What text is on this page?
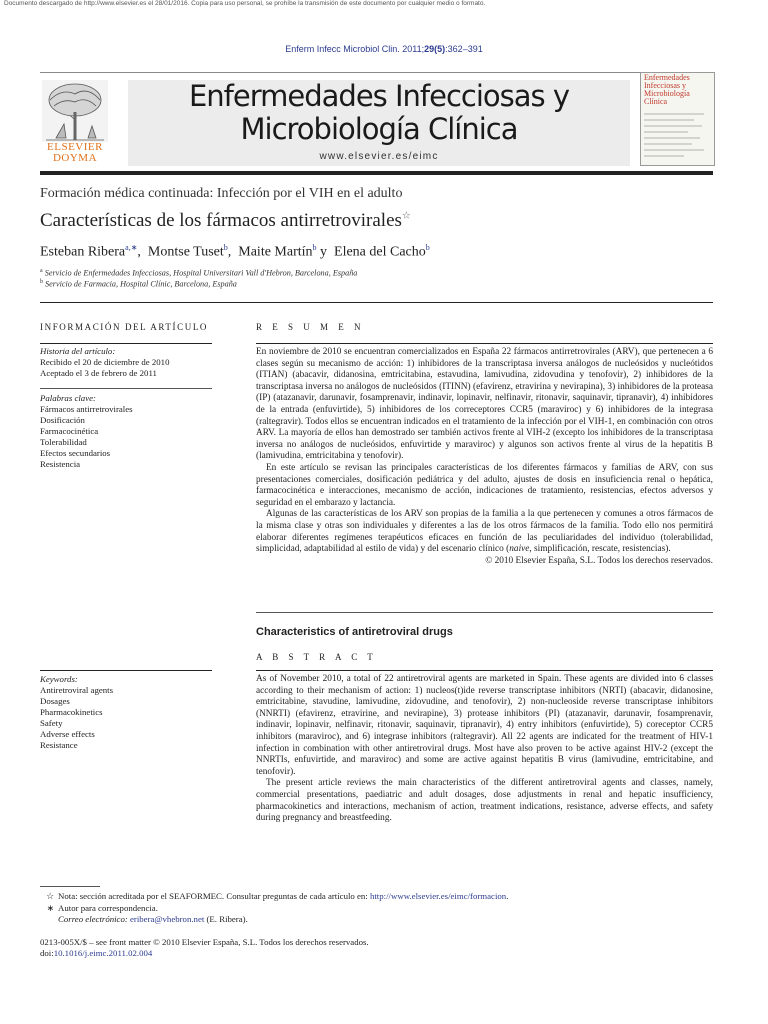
Documento descargado de http://www.elsevier.es el 28/01/2016. Copia para uso personal, se prohíbe la transmisión de este documento por cualquier medio o formato.
Enferm Infecc Microbiol Clin. 2011;29(5):362–391
ELSEVIER
DOYMA
Enfermedades Infecciosas y
Microbiología Clínica
www.elsevier.es/eimc
Enfermedades Infecciosas y Microbiología Clínica
Formación médica continuada: Infección por el VIH en el adulto
Características de los fármacos antirretrovirales☆
Esteban Ribera$^{a,∗}$, Montse Tuset$^b$, Maite Martín$^b$ y Elena del Cacho$^b$
$^a$ Servicio de Enfermedades Infecciosas, Hospital Universitari Vall d'Hebron, Barcelona, España
$^b$ Servicio de Farmacia, Hospital Clínic, Barcelona, España
INFORMACIÓN DEL ARTÍCULO
Historia del artículo:
Recibido el 20 de diciembre de 2010
Aceptado el 3 de febrero de 2011
Palabras clave:
Fármacos antirretrovirales
Dosificación
Farmacocinética
Tolerabilidad
Efectos secundarios
Resistencia
R E S U M E N

En noviembre de 2010 se encuentran comercializados en España 22 fármacos antirretrovirales (ARV), que pertenecen a 6 clases según su mecanismo de acción: 1) inhibidores de la transcriptasa inversa análogos de nucleósidos y nucleótidos (ITIAN) (abacavir, didanosina, emtricitabina, estavudina, lamivudina, zidovudina y tenofovir), 2) inhibidores de la transcriptasa inversa no análogos de nucleósidos (ITINN) (efavirenz, etravirina y nevirapina), 3) inhibidores de la proteasa (IP) (atazanavir, darunavir, fosamprenavir, indinavir, lopinavir, nelfinavir, ritonavir, saquinavir, tipranavir), 4) inhibidores de la entrada (enfuvirtide), 5) inhibidores de los correceptores CCR5 (maraviroc) y 6) inhibidores de la integrasa (raltegravir). Todos ellos se encuentran indicados en el tratamiento de la infección por el VIH-1, en combinación con otros ARV. La mayoría de ellos han demostrado ser también activos frente al VIH-2 (excepto los inhibidores de la transcriptasa inversa no análogos de nucleósidos, enfuvirtide y maraviroc) y algunos son activos frente al virus de la hepatitis B (lamivudina, emtricitabina y tenofovir).

En este artículo se revisan las principales características de los diferentes fármacos y familias de ARV, con sus presentaciones comerciales, dosificación pediátrica y del adulto, ajustes de dosis en insuficiencia renal o hepática, farmacocinética e interacciones, mecanismo de acción, indicaciones de tratamiento, resistencias, efectos adversos y seguridad en el embarazo y lactancia.

Algunas de las características de los ARV son propias de la familia a la que pertenecen y comunes a otros fármacos de la misma clase y otras son individuales y diferentes a las de los otros fármacos de la familia. Todo ello nos permitirá elaborar diferentes regímenes terapéuticos eficaces en función de las peculiaridades del individuo (tolerabilidad, simplicidad, adaptabilidad al estilo de vida) y del escenario clínico (naive, simplificación, rescate, resistencias).

© 2010 Elsevier España, S.L. Todos los derechos reservados.
Characteristics of antiretroviral drugs
A B S T R A C T
Keywords:
Antiretroviral agents
Dosages
Pharmacokinetics
Safety
Adverse effects
Resistance

As of November 2010, a total of 22 antiretroviral agents are marketed in Spain. These agents are divided into 6 classes according to their mechanism of action: 1) nucleos(t)ide reverse transcriptase inhibitors (NRTI) (abacavir, didanosine, emtricitabine, stavudine, lamivudine, zidovudine, and tenofovir), 2) non-nucleoside reverse transcriptase inhibitors (NNRTI) (efavirenz, etravirine, and nevirapine), 3) protease inhibitors (PI) (atazanavir, darunavir, fosamprenavir, indinavir, lopinavir, nelfinavir, ritonavir, saquinavir, tipranavir), 4) entry inhibitors (enfuvirtide), 5) coreceptor CCR5 inhibitors (maraviroc), and 6) integrase inhibitors (raltegravir). All 22 agents are indicated for the treatment of HIV-1 infection in combination with other antiretroviral drugs. Most have also proven to be active against HIV-2 (except the NNRTIs, enfuvirtide, and maraviroc) and some are active against hepatitis B virus (lamivudine, emtricitabine, and tenofovir).

The present article reviews the main characteristics of the different antiretroviral agents and classes, namely, commercial presentations, paediatric and adult dosages, dose adjustments in renal and hepatic insufficiency, pharmacokinetics and interactions, mechanism of action, treatment indications, resistance, adverse effects, and safety during pregnancy and breastfeeding.

☆ Nota: sección acreditada por el SEAFORMEC. Consultar preguntas de cada artículo en: http://www.elsevier.es/eimc/formacion.
∗ Autor para correspondencia.
Correo electrónico: eribera@vhebron.net (E. Ribera).
0213-005X/$ – see front matter © 2010 Elsevier España, S.L. Todos los derechos reservados.
doi:10.1016/j.eimc.2011.02.004
